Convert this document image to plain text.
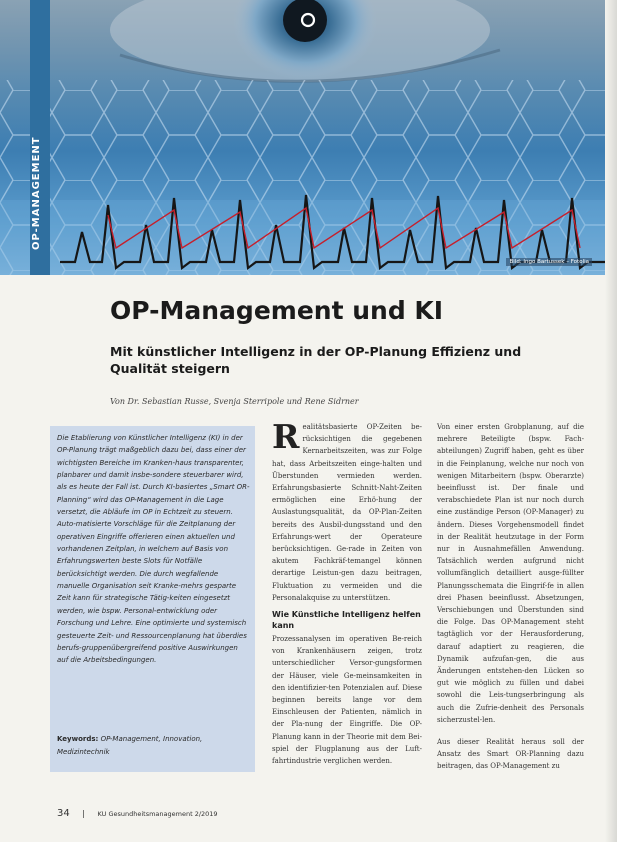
OP-MANAGEMENT
Bild: Ingo Bartussek – Fotolia
OP-Management und KI
Mit künstlicher Intelligenz in der OP-Planung Effizienz und Qualität steigern
Von Dr. Sebastian Russe, Svenja Sterripole und Rene Sidrner
Die Etablierung von Künstlicher Intelligenz (KI) in der OP-Planung trägt maßgeblich dazu bei, dass einer der wichtigsten Bereiche im Kranken-haus transparenter, planbarer und damit insbe-sondere steuerbarer wird, als es heute der Fall ist. Durch KI-basiertes „Smart OR-Planning“ wird das OP-Management in die Lage versetzt, die Abläufe im OP in Echtzeit zu steuern. Auto-matisierte Vorschläge für die Zeitplanung der operativen Eingriffe offerieren einen aktuellen und vorhandenen Zeitplan, in welchem auf Basis von Erfahrungswerten beste Slots für Notfälle berücksichtigt werden. Die durch wegfallende manuelle Organisation seit Kranke-mehrs gesparte Zeit kann für strategische Tätig-keiten eingesetzt werden, wie bspw. Personal-entwicklung oder Forschung und Lehre. Eine optimierte und systemisch gesteuerte Zeit- und Ressourcenplanung hat überdies berufs-gruppenübergreifend positive Auswirkungen auf die Arbeitsbedingungen.
Keywords: OP-Management, Innovation, Medizintechnik
R ealitätsbasierte OP-Zeiten be-rücksichtigen die gegebenen Kernarbeitszeiten, was zur Folge hat, dass Arbeitszeiten einge-halten und Überstunden vermieden werden. Erfahrungsbasierte Schnitt-Naht-Zeiten ermöglichen eine Erhö-hung der Auslastungsqualität, da OP-Plan-Zeiten bereits des Ausbil-dungsstand und den Erfahrungs-wert der Operateure berücksichtigen. Ge-rade in Zeiten von akutem Fachkräf-temangel können derartige Leistun-gen dazu beitragen, Fluktuation zu vermeiden und die Personalakquise zu unterstützen.

Wie Künstliche Intelligenz helfen kann

Prozessanalysen im operativen Be-reich von Krankenhäusern zeigen, trotz unterschiedlicher Versor-gungsformen der Häuser, viele Ge-meinsamkeiten in den identifizier-ten Potenzialen auf. Diese beginnen bereits lange vor dem Einschleusen der Patienten, nämlich in der Pla-nung der Eingriffe. Die OP-Planung kann in der Theorie mit dem Bei-spiel der Flugplanung aus der Luft-fahrtindustrie verglichen werden.

Von einer ersten Grobplanung, auf die mehrere Beteiligte (bspw. Fach-abteilungen) Zugriff haben, geht es über in die Feinplanung, welche nur noch von wenigen Mitarbeitern (bspw. Oberarzte) beeinflusst ist. Der finale und verabschiedete Plan ist nur noch durch eine zuständige Person (OP-Manager) zu ändern. Dieses Vorgehensmodell findet in der Realität heutzutage in der Form nur in Ausnahmefällen Anwendung. Tatsächlich werden aufgrund nicht vollumfänglich detailliert ausge-füllter Planungsschemata die Eingrif-fe in allen drei Phasen beeinflusst. Absetzungen, Verschiebungen und Überstunden sind die Folge. Das OP-Management steht tagtäglich vor der Herausforderung, darauf adaptiert zu reagieren, die Dynamik aufzufan-gen, die aus Änderungen entstehen-den Lücken so gut wie möglich zu füllen und dabei sowohl die Leis-tungserbringung als auch die Zufrie-denheit des Personals sicherzustel-len.

Aus dieser Realität heraus soll der Ansatz des Smart OR-Planning dazu beitragen, das OP-Management zu

34 | KU Gesundheitsmanagement 2/2019
